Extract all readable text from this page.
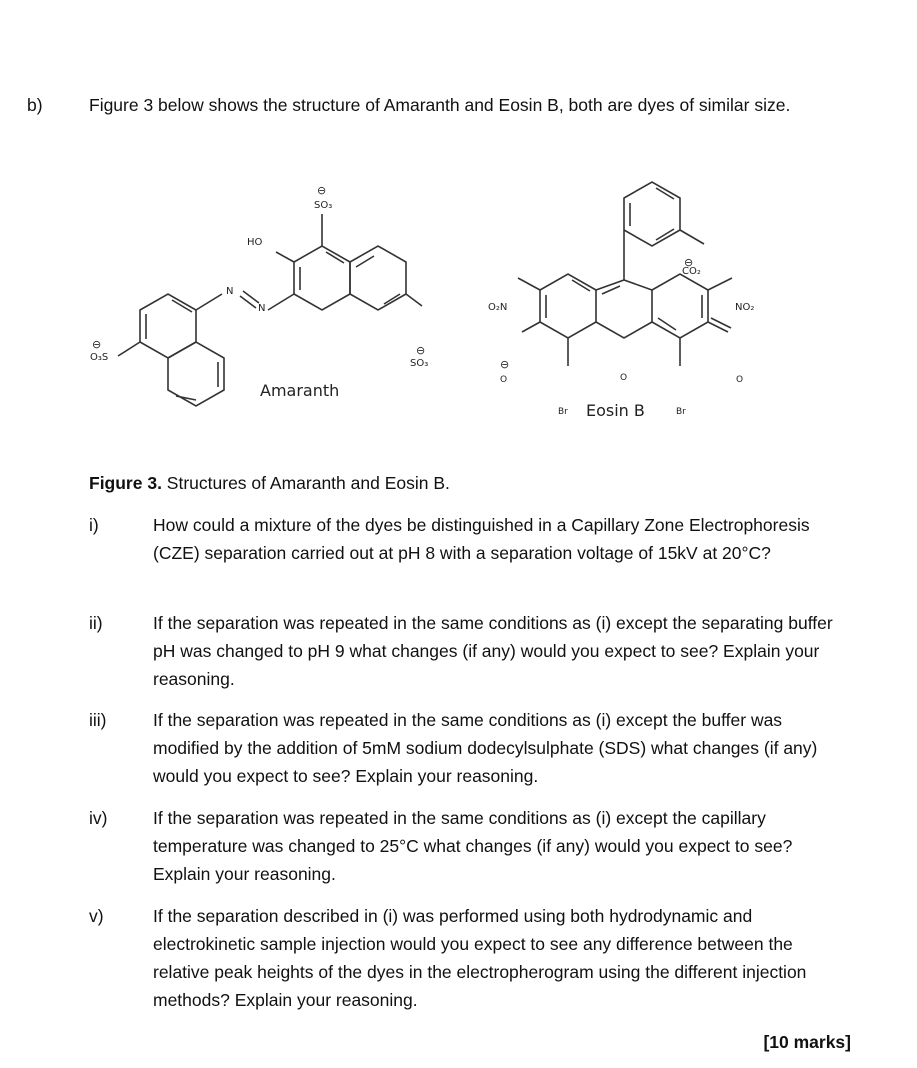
b)	Figure 3 below shows the structure of Amaranth and Eosin B, both are dyes of similar size.
O₃S
⊖
HO
SO₃
⊖
SO₃
⊖
N
N
Amaranth
O₂N	NO₂
CO₂
⊖
Br	Br
O	O
O
⊖
Eosin B
Figure 3. Structures of Amaranth and Eosin B.
i)	How could a mixture of the dyes be distinguished in a Capillary Zone Electrophoresis (CZE) separation carried out at pH 8 with a separation voltage of 15kV at 20°C?
ii)	If the separation was repeated in the same conditions as (i) except the separating buffer pH was changed to pH 9 what changes (if any) would you expect to see? Explain your reasoning.
iii)	If the separation was repeated in the same conditions as (i) except the buffer was modified by the addition of 5mM sodium dodecylsulphate (SDS) what changes (if any) would you expect to see? Explain your reasoning.
iv)	If the separation was repeated in the same conditions as (i) except the capillary temperature was changed to 25°C what changes (if any) would you expect to see? Explain your reasoning.
v)	If the separation described in (i) was performed using both hydrodynamic and electrokinetic sample injection would you expect to see any difference between the relative peak heights of the dyes in the electropherogram using the different injection methods? Explain your reasoning.
[10 marks]
